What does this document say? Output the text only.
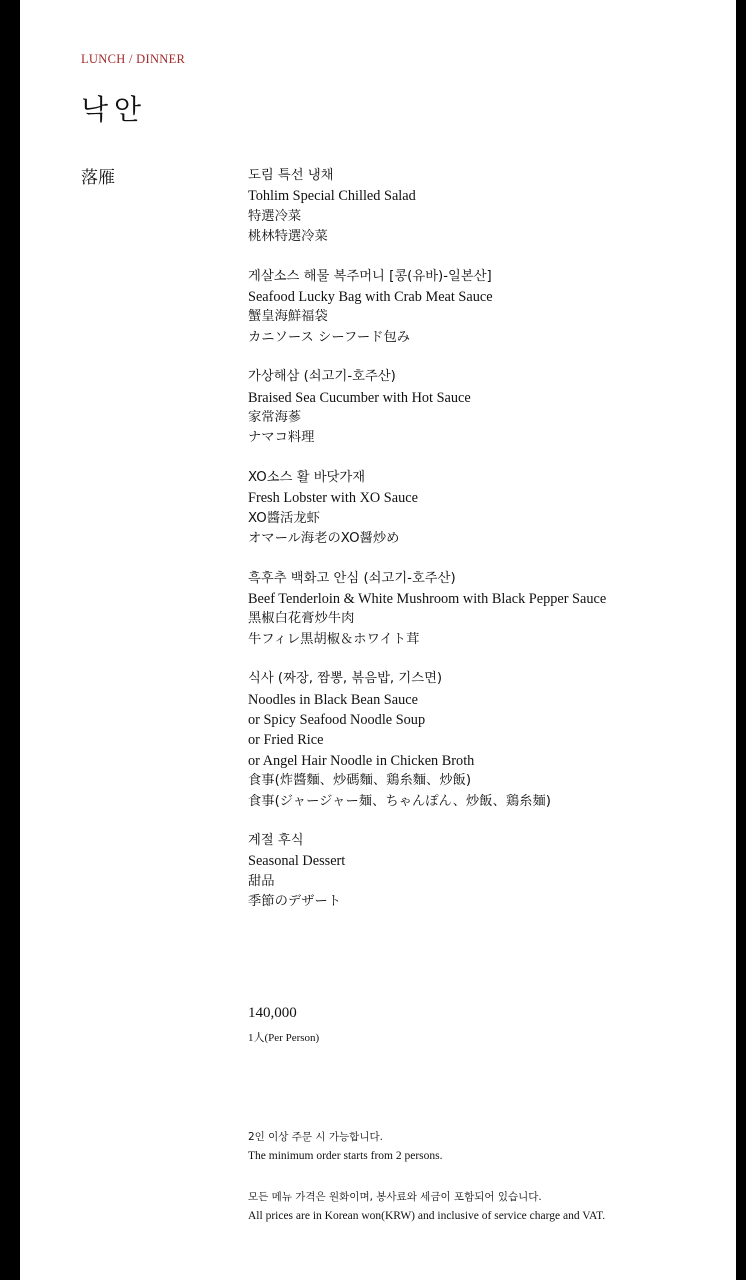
LUNCH / DINNER
낙안
落雁	도림 특선 냉채
Tohlim Special Chilled Salad
特選冷菜
桃林特選冷菜
게살소스 해물 복주머니 [콩(유바)-일본산]
Seafood Lucky Bag with Crab Meat Sauce
蟹皇海鮮福袋
カニソース シーフード包み
가상해삼 (쇠고기-호주산)
Braised Sea Cucumber with Hot Sauce
家常海蔘
ナマコ料理
XO소스 활 바닷가재
Fresh Lobster with XO Sauce
XO醬活龙虾
オマール海老のXO醤炒め
흑후추 백화고 안심 (쇠고기-호주산)
Beef Tenderloin & White Mushroom with Black Pepper Sauce
黑椒白花膏炒牛肉
牛フィレ黒胡椒＆ホワイト茸
식사 (짜장, 짬뽕, 볶음밥, 기스면)
Noodles in Black Bean Sauce
or Spicy Seafood Noodle Soup
or Fried Rice
or Angel Hair Noodle in Chicken Broth
食事(炸醬麵、炒碼麵、鶏糸麵、炒飯)
食事(ジャージャー麺、ちゃんぽん、炒飯、鶏糸麺)
계절 후식
Seasonal Dessert
甜品
季節のデザート
140,000
1人(Per Person)
2인 이상 주문 시 가능합니다.
The minimum order starts from 2 persons.
모든 메뉴 가격은 원화이며, 봉사료와 세금이 포함되어 있습니다.
All prices are in Korean won(KRW) and inclusive of service charge and VAT.
